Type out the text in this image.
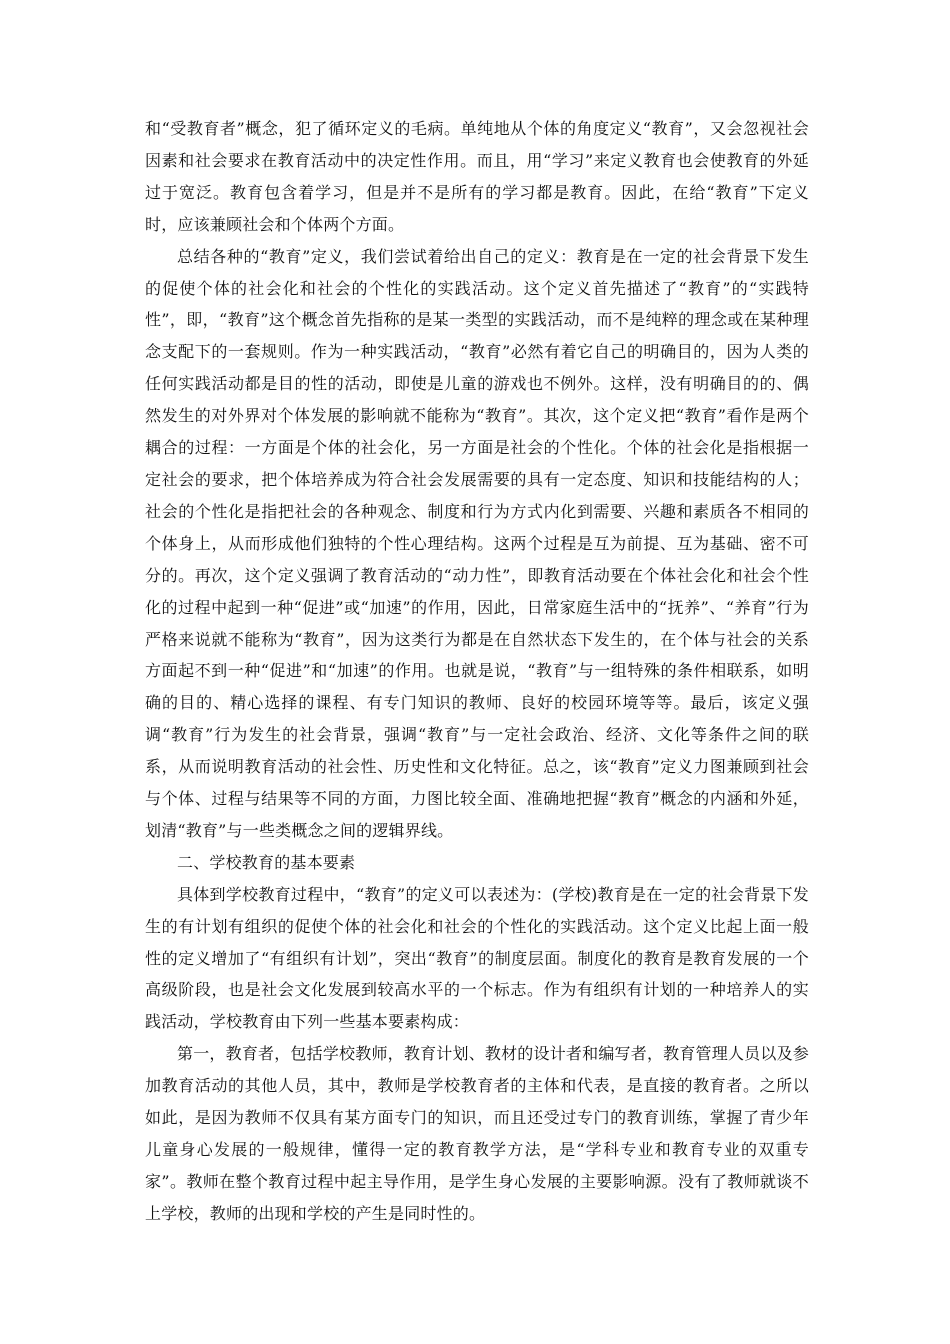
和“受教育者”概念，犯了循环定义的毛病。单纯地从个体的角度定义“教育”，又会忽视社会因素和社会要求在教育活动中的决定性作用。而且，用“学习”来定义教育也会使教育的外延过于宽泛。教育包含着学习，但是并不是所有的学习都是教育。因此，在给“教育”下定义时，应该兼顾社会和个体两个方面。

总结各种的“教育”定义，我们尝试着给出自己的定义：教育是在一定的社会背景下发生的促使个体的社会化和社会的个性化的实践活动。这个定义首先描述了“教育”的“实践特性”，即，“教育”这个概念首先指称的是某一类型的实践活动，而不是纯粹的理念或在某种理念支配下的一套规则。作为一种实践活动，“教育”必然有着它自己的明确目的，因为人类的任何实践活动都是目的性的活动，即使是儿童的游戏也不例外。这样，没有明确目的的、偶然发生的对外界对个体发展的影响就不能称为“教育”。其次，这个定义把“教育”看作是两个耦合的过程：一方面是个体的社会化，另一方面是社会的个性化。个体的社会化是指根据一定社会的要求，把个体培养成为符合社会发展需要的具有一定态度、知识和技能结构的人；社会的个性化是指把社会的各种观念、制度和行为方式内化到需要、兴趣和素质各不相同的个体身上，从而形成他们独特的个性心理结构。这两个过程是互为前提、互为基础、密不可分的。再次，这个定义强调了教育活动的“动力性”，即教育活动要在个体社会化和社会个性化的过程中起到一种“促进”或“加速”的作用，因此，日常家庭生活中的“抚养”、“养育”行为严格来说就不能称为“教育”，因为这类行为都是在自然状态下发生的，在个体与社会的关系方面起不到一种“促进”和“加速”的作用。也就是说，“教育”与一组特殊的条件相联系，如明确的目的、精心选择的课程、有专门知识的教师、良好的校园环境等等。最后，该定义强调“教育”行为发生的社会背景，强调“教育”与一定社会政治、经济、文化等条件之间的联系，从而说明教育活动的社会性、历史性和文化特征。总之，该“教育”定义力图兼顾到社会与个体、过程与结果等不同的方面，力图比较全面、准确地把握“教育”概念的内涵和外延，划清“教育”与一些类概念之间的逻辑界线。

二、学校教育的基本要素

具体到学校教育过程中，“教育”的定义可以表述为：(学校)教育是在一定的社会背景下发生的有计划有组织的促使个体的社会化和社会的个性化的实践活动。这个定义比起上面一般性的定义增加了“有组织有计划”，突出“教育”的制度层面。制度化的教育是教育发展的一个高级阶段，也是社会文化发展到较高水平的一个标志。作为有组织有计划的一种培养人的实践活动，学校教育由下列一些基本要素构成：

第一，教育者，包括学校教师，教育计划、教材的设计者和编写者，教育管理人员以及参加教育活动的其他人员，其中，教师是学校教育者的主体和代表，是直接的教育者。之所以如此，是因为教师不仅具有某方面专门的知识，而且还受过专门的教育训练，掌握了青少年儿童身心发展的一般规律，懂得一定的教育教学方法，是“学科专业和教育专业的双重专家”。教师在整个教育过程中起主导作用，是学生身心发展的主要影响源。没有了教师就谈不上学校，教师的出现和学校的产生是同时性的。
